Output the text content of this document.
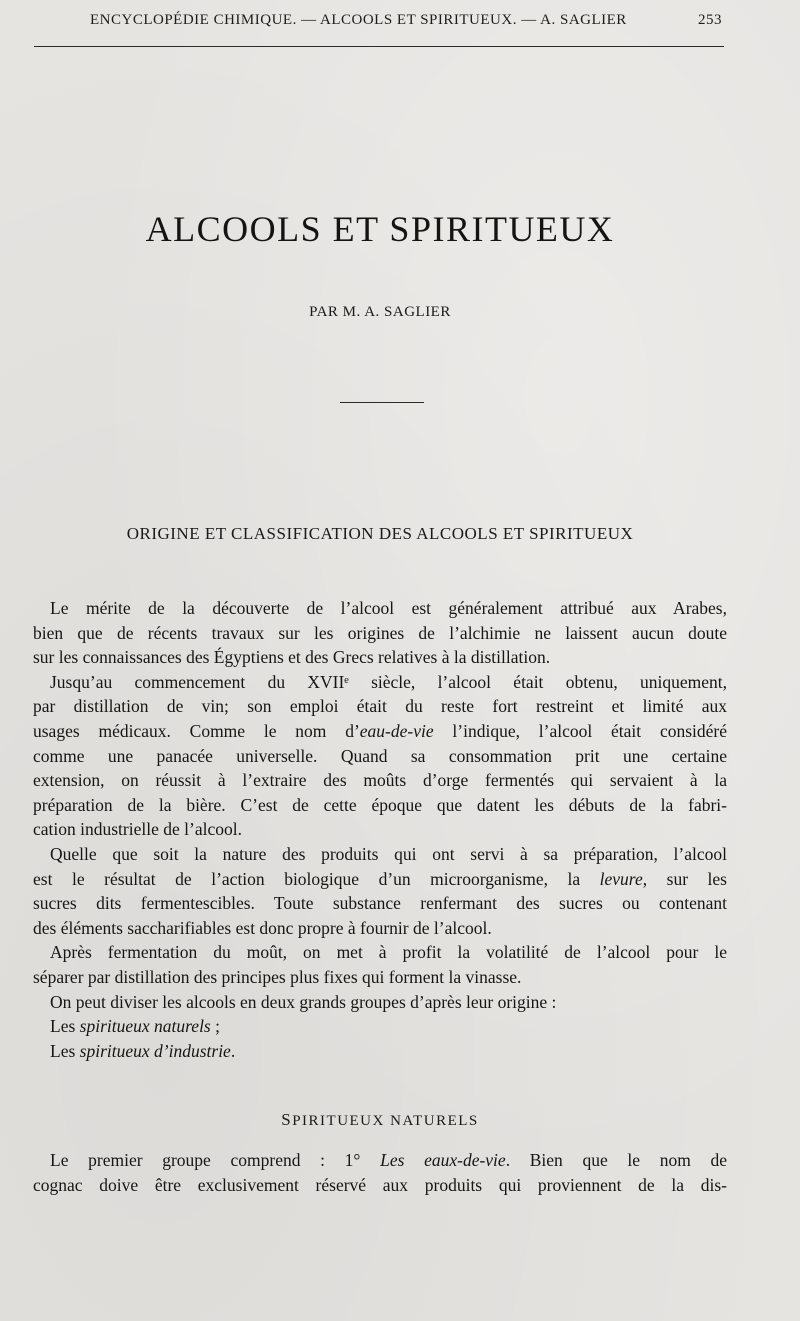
ENCYCLOPÉDIE CHIMIQUE. — ALCOOLS ET SPIRITUEUX. — A. SAGLIER	253
ALCOOLS ET SPIRITUEUX
PAR M. A. SAGLIER
ORIGINE ET CLASSIFICATION DES ALCOOLS ET SPIRITUEUX
Le mérite de la découverte de l’alcool est généralement attribué aux Arabes,
bien que de récents travaux sur les origines de l’alchimie ne laissent aucun doute
sur les connaissances des Égyptiens et des Grecs relatives à la distillation.
Jusqu’au commencement du XVIIᵉ siècle, l’alcool était obtenu, uniquement,
par distillation de vin; son emploi était du reste fort restreint et limité aux
usages médicaux. Comme le nom d’eau-de-vie l’indique, l’alcool était considéré
comme une panacée universelle. Quand sa consommation prit une certaine
extension, on réussit à l’extraire des moûts d’orge fermentés qui servaient à la
préparation de la bière. C’est de cette époque que datent les débuts de la fabri-
cation industrielle de l’alcool.
Quelle que soit la nature des produits qui ont servi à sa préparation, l’alcool
est le résultat de l’action biologique d’un microorganisme, la levure, sur les
sucres dits fermentescibles. Toute substance renfermant des sucres ou contenant
des éléments saccharifiables est donc propre à fournir de l’alcool.
Après fermentation du moût, on met à profit la volatilité de l’alcool pour le
séparer par distillation des principes plus fixes qui forment la vinasse.
On peut diviser les alcools en deux grands groupes d’après leur origine :
Les spiritueux naturels ;
Les spiritueux d’industrie.
SPIRITUEUX NATURELS
Le premier groupe comprend : 1° Les eaux-de-vie. Bien que le nom de
cognac doive être exclusivement réservé aux produits qui proviennent de la dis-
